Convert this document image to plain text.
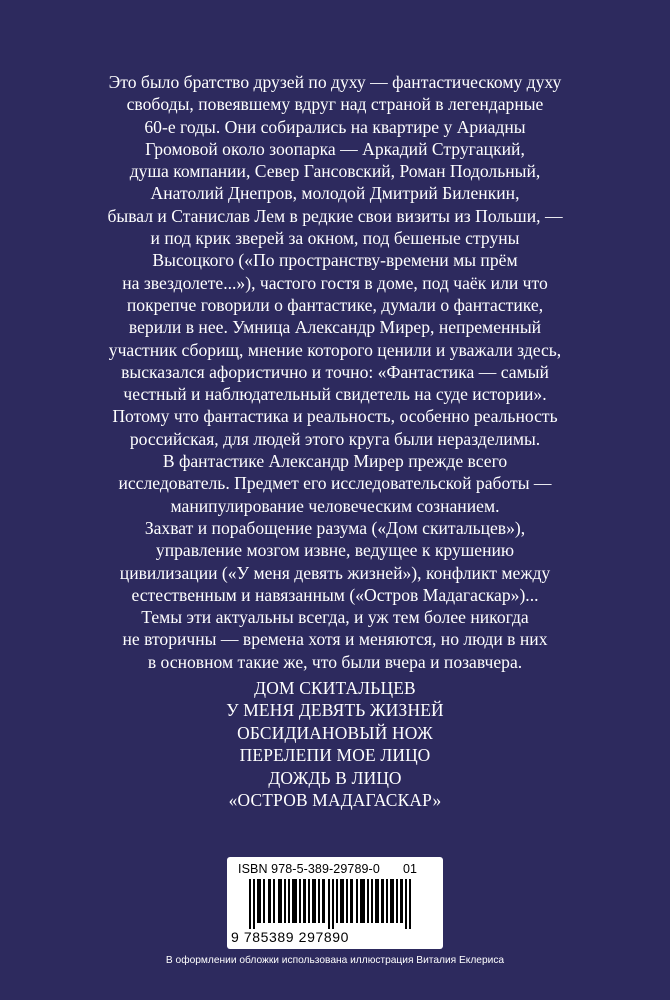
Это было братство друзей по духу — фантастическому духу

свободы, повеявшему вдруг над страной в легендарные

60-е годы. Они собирались на квартире у Ариадны

Громовой около зоопарка — Аркадий Стругацкий,

душа компании, Север Гансовский, Роман Подольный,

Анатолий Днепров, молодой Дмитрий Биленкин,

бывал и Станислав Лем в редкие свои визиты из Польши, —

и под крик зверей за окном, под бешеные струны

Высоцкого («По пространству-времени мы прём

на звездолете...»), частого гостя в доме, под чаёк или что

покрепче говорили о фантастике, думали о фантастике,

верили в нее. Умница Александр Мирер, непременный

участник сборищ, мнение которого ценили и уважали здесь,

высказался афористично и точно: «Фантастика — самый

честный и наблюдательный свидетель на суде истории».

Потому что фантастика и реальность, особенно реальность

российская, для людей этого круга были неразделимы.

В фантастике Александр Мирер прежде всего

исследователь. Предмет его исследовательской работы —

манипулирование человеческим сознанием.

Захват и порабощение разума («Дом скитальцев»),

управление мозгом извне, ведущее к крушению

цивилизации («У меня девять жизней»), конфликт между

естественным и навязанным («Остров Мадагаскар»)...

Темы эти актуальны всегда, и уж тем более никогда

не вторичны — времена хотя и меняются, но люди в них

в основном такие же, что были вчера и позавчера.

ДОМ СКИТАЛЬЦЕВ
У МЕНЯ ДЕВЯТЬ ЖИЗНЕЙ
ОБСИДИАНОВЫЙ НОЖ
ПЕРЕЛЕПИ МОЕ ЛИЦО
ДОЖДЬ В ЛИЦО
«ОСТРОВ МАДАГАСКАР»
ISBN 978-5-389-29789-0 01
9 785389 297890
В оформлении обложки использована иллюстрация Виталия Еклериса
